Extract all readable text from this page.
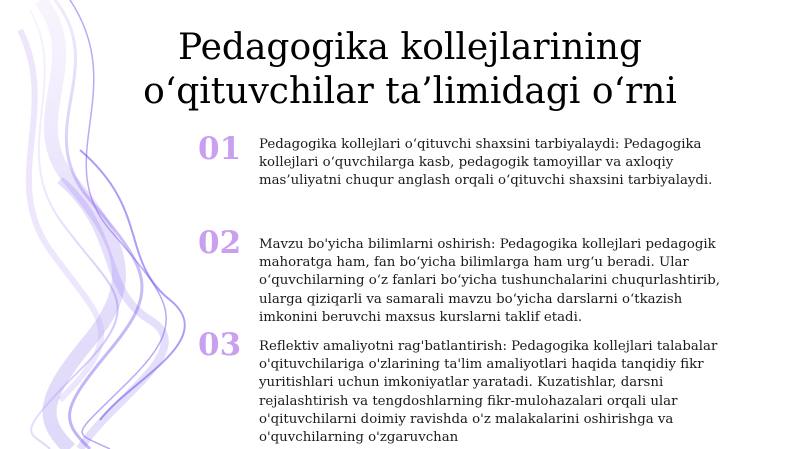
Pedagogika kollejlarining
o‘qituvchilar ta’limidagi o‘rni
01	Pedagogika kollejlari o‘qituvchi shaxsini tarbiyalaydi: Pedagogika kollejlari o‘quvchilarga kasb, pedagogik tamoyillar va axloqiy mas’uliyatni chuqur anglash orqali o‘qituvchi shaxsini tarbiyalaydi.
02	Mavzu bo'yicha bilimlarni oshirish: Pedagogika kollejlari pedagogik mahoratga ham, fan bo‘yicha bilimlarga ham urg‘u beradi. Ular o‘quvchilarning o‘z fanlari bo‘yicha tushunchalarini chuqurlashtirib, ularga qiziqarli va samarali mavzu bo‘yicha darslarni o‘tkazish imkonini beruvchi maxsus kurslarni taklif etadi.
03	Reflektiv amaliyotni rag'batlantirish: Pedagogika kollejlari talabalar o'qituvchilariga o'zlarining ta'lim amaliyotlari haqida tanqidiy fikr yuritishlari uchun imkoniyatlar yaratadi. Kuzatishlar, darsni rejalashtirish va tengdoshlarning fikr-mulohazalari orqali ular o'qituvchilarni doimiy ravishda o'z malakalarini oshirishga va o'quvchilarning o'zgaruvchan
